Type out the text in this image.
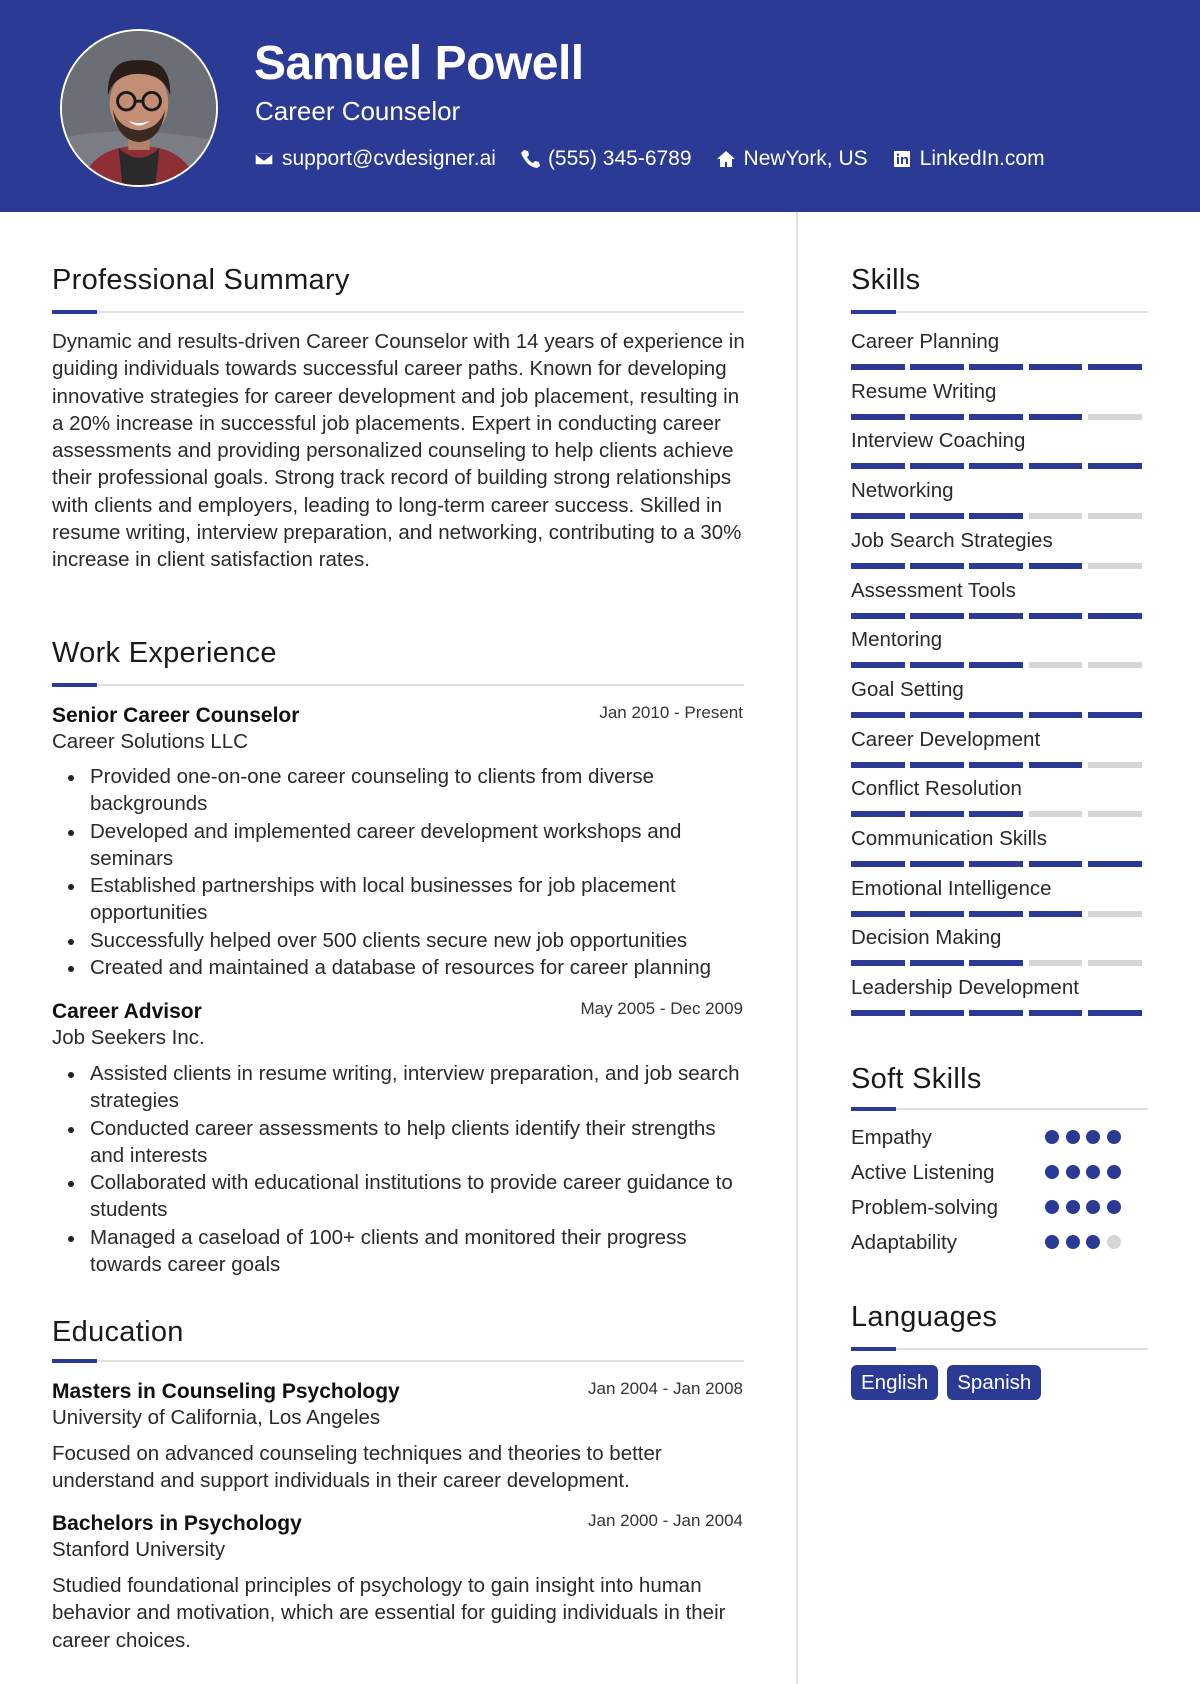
Samuel Powell
Career Counselor
support@cvdesigner.ai (555) 345-6789 NewYork, US LinkedIn.com
Professional Summary
Dynamic and results-driven Career Counselor with 14 years of experience in guiding individuals towards successful career paths. Known for developing innovative strategies for career development and job placement, resulting in a 20% increase in successful job placements. Expert in conducting career assessments and providing personalized counseling to help clients achieve their professional goals. Strong track record of building strong relationships with clients and employers, leading to long-term career success. Skilled in resume writing, interview preparation, and networking, contributing to a 30% increase in client satisfaction rates.
Work Experience
Senior Career Counselor	Jan 2010 - Present
Career Solutions LLC
Provided one-on-one career counseling to clients from diverse backgrounds
Developed and implemented career development workshops and seminars
Established partnerships with local businesses for job placement opportunities
Successfully helped over 500 clients secure new job opportunities
Created and maintained a database of resources for career planning
Career Advisor	May 2005 - Dec 2009
Job Seekers Inc.
Assisted clients in resume writing, interview preparation, and job search strategies
Conducted career assessments to help clients identify their strengths and interests
Collaborated with educational institutions to provide career guidance to students
Managed a caseload of 100+ clients and monitored their progress towards career goals
Education
Masters in Counseling Psychology	Jan 2004 - Jan 2008
University of California, Los Angeles
Focused on advanced counseling techniques and theories to better understand and support individuals in their career development.
Bachelors in Psychology	Jan 2000 - Jan 2004
Stanford University
Studied foundational principles of psychology to gain insight into human behavior and motivation, which are essential for guiding individuals in their career choices.
Skills
Career Planning
Resume Writing
Interview Coaching
Networking
Job Search Strategies
Assessment Tools
Mentoring
Goal Setting
Career Development
Conflict Resolution
Communication Skills
Emotional Intelligence
Decision Making
Leadership Development
Soft Skills
Empathy
Active Listening
Problem-solving
Adaptability
Languages
English	Spanish
